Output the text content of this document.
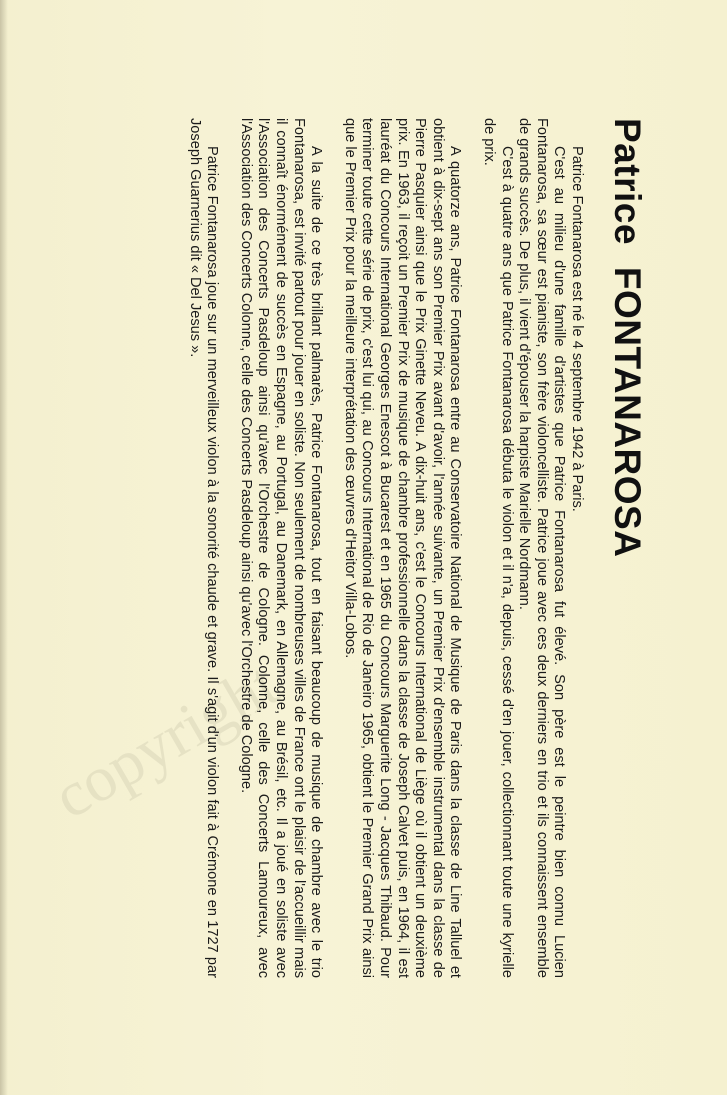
copyright
PatriceFONTANAROSA

Patrice Fontanarosa est né le 4 septembre 1942 à Paris.

C'est au milieu d'une famille d'artistes que Patrice Fontanarosa fut élevé. Son père est le peintre bien connu Lucien Fontanarosa, sa sœur est pianiste, son frère violoncelliste. Patrice joue avec ces deux derniers en trio et ils connaissent ensemble de grands succès. De plus, il vient d'épouser la harpiste Marielle Nordmann.

C'est à quatre ans que Patrice Fontanarosa débuta le violon et il n'a, depuis, cessé d'en jouer, collectionnant toute une kyrielle de prix.

A quatorze ans, Patrice Fontanarosa entre au Conservatoire National de Musique de Paris dans la classe de Line Talluel et obtient à dix-sept ans son Premier Prix avant d'avoir, l'année suivante, un Premier Prix d'ensemble instrumental dans la classe de Pierre Pasquier ainsi que le Prix Ginette Neveu. A dix-huit ans, c'est le Concours International de Liège où il obtient un deuxième prix. En 1963, il reçoit un Premier Prix de musique de chambre professionnelle dans la classe de Joseph Calvet puis, en 1964, il est lauréat du Concours International Georges Enescot à Bucarest et en 1965 du Concours Marguerite Long - Jacques Thibaud. Pour terminer toute cette série de prix, c'est lui qui, au Concours International de Rio de Janeiro 1965, obtient le Premier Grand Prix ainsi que le Premier Prix pour la meilleure interprétation des œuvres d'Heitor Villa-Lobos.

A la suite de ce très brillant palmarès, Patrice Fontanarosa, tout en faisant beaucoup de musique de chambre avec le trio Fontanarosa, est invité partout pour jouer en soliste. Non seulement de nombreuses villes de France ont le plaisir de l'accueillir mais il connaît énormément de succès en Espagne, au Portugal, au Danemark, en Allemagne, au Brésil, etc. Il a joué en soliste avec l'Association des Concerts Pasdeloup ainsi qu'avec l'Orchestre de Cologne. Colonne, celle des Concerts Lamoureux, avec l'Association des Concerts Colonne, celle des Concerts Pasdeloup ainsi qu'avec l'Orchestre de Cologne.

Patrice Fontanarosa joue sur un merveilleux violon à la sonorité chaude et grave. Il s'agit d'un violon fait à Crémone en 1727 par Joseph Guarnerius dit « Del Jesus ».
